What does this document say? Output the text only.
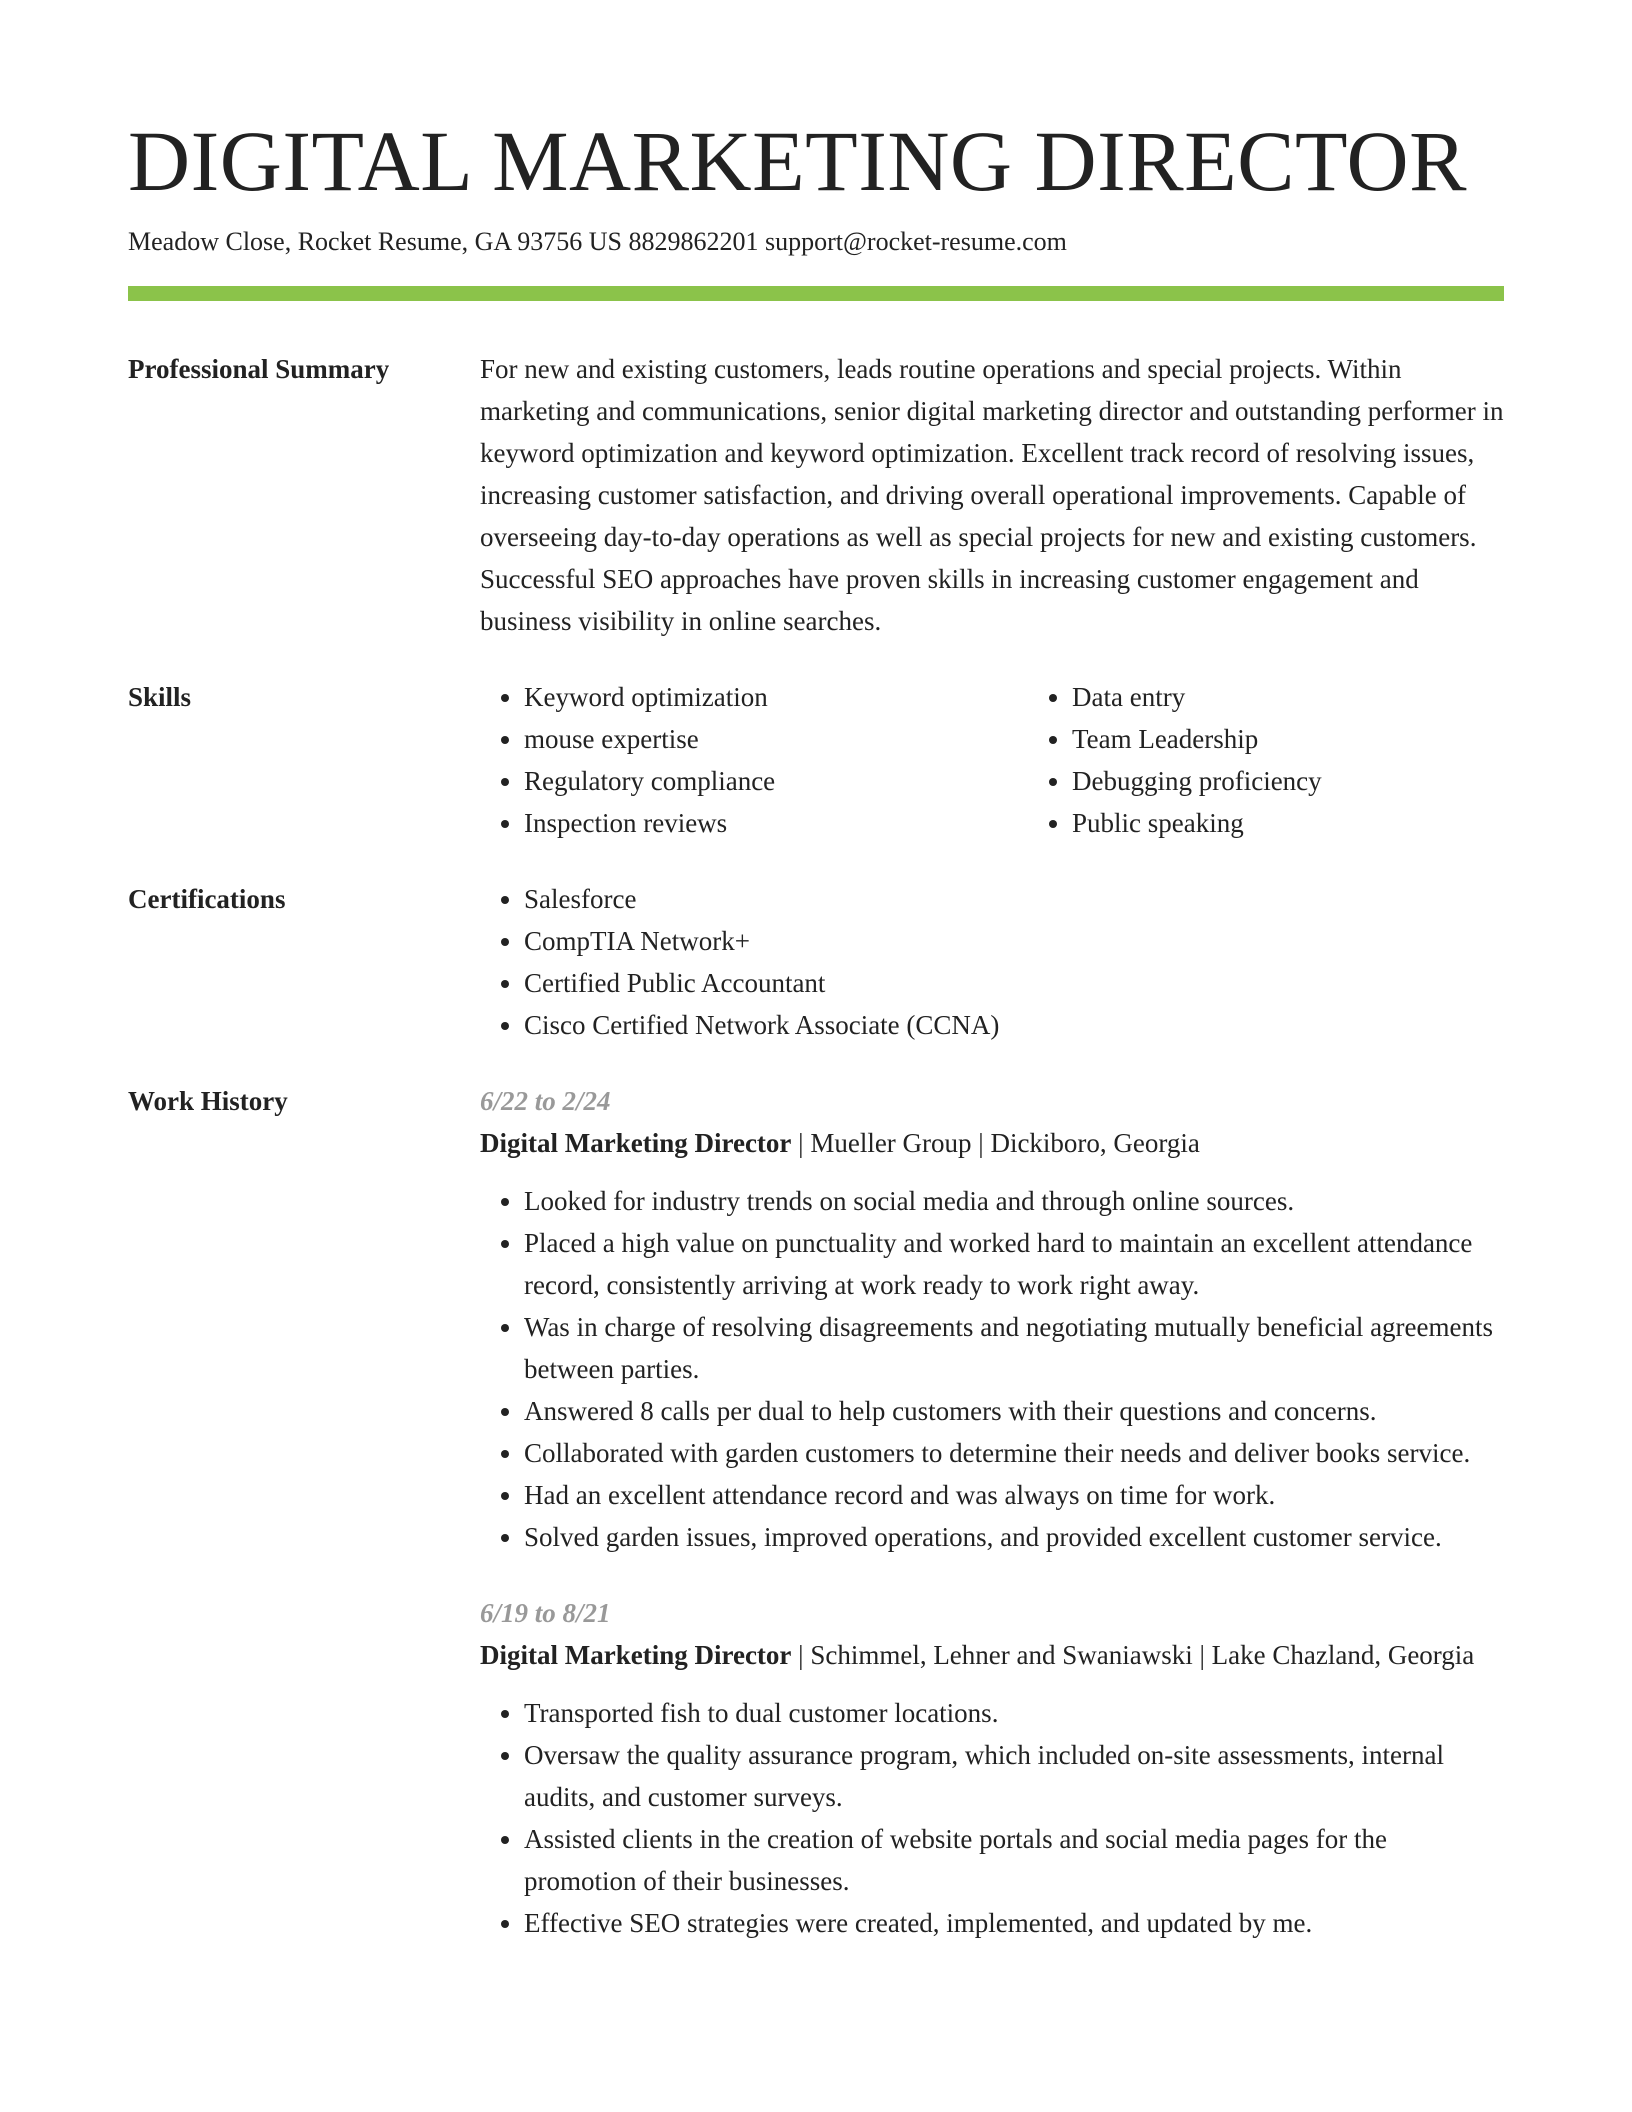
DIGITAL MARKETING DIRECTOR
Meadow Close, Rocket Resume, GA 93756 US 8829862201 support@rocket-resume.com
Professional Summary	For new and existing customers, leads routine operations and special projects. Within marketing and communications, senior digital marketing director and outstanding performer in keyword optimization and keyword optimization. Excellent track record of resolving issues, increasing customer satisfaction, and driving overall operational improvements. Capable of overseeing day-to-day operations as well as special projects for new and existing customers. Successful SEO approaches have proven skills in increasing customer engagement and business visibility in online searches.

Skills	• Keyword optimization
• mouse expertise
• Regulatory compliance
• Inspection reviews
• Data entry
• Team Leadership
• Debugging proficiency
• Public speaking
Certifications	• Salesforce
• CompTIA Network+
• Certified Public Accountant
• Cisco Certified Network Associate (CCNA)
Work History	6/22 to 2/24
Digital Marketing Director | Mueller Group | Dickiboro, Georgia
• Looked for industry trends on social media and through online sources.
• Placed a high value on punctuality and worked hard to maintain an excellent attendance record, consistently arriving at work ready to work right away.
• Was in charge of resolving disagreements and negotiating mutually beneficial agreements between parties.
• Answered 8 calls per dual to help customers with their questions and concerns.
• Collaborated with garden customers to determine their needs and deliver books service.
• Had an excellent attendance record and was always on time for work.
• Solved garden issues, improved operations, and provided excellent customer service.
6/19 to 8/21
Digital Marketing Director | Schimmel, Lehner and Swaniawski | Lake Chazland, Georgia
• Transported fish to dual customer locations.
• Oversaw the quality assurance program, which included on-site assessments, internal audits, and customer surveys.
• Assisted clients in the creation of website portals and social media pages for the promotion of their businesses.
• Effective SEO strategies were created, implemented, and updated by me.
